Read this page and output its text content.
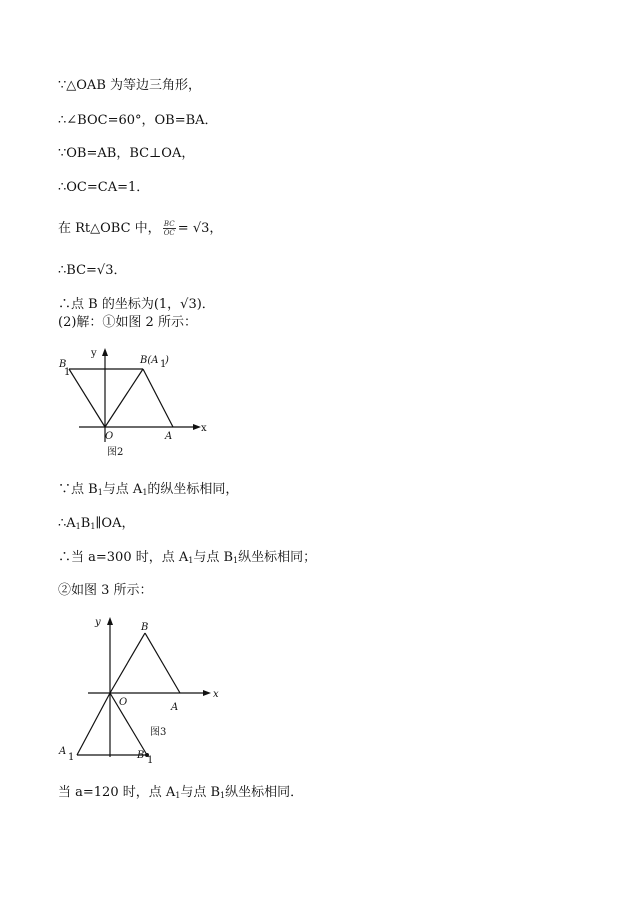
∵△OAB 为等边三角形，
∴∠BOC=60°，OB=BA．
∵OB=AB，BC⊥OA，
∴OC=CA=1．
在 Rt△OBC 中， $\frac{BC}{OC} = √3$，
∴BC=√3．
∴点 B 的坐标为(1，√3)．
(2)解：①如图 2 所示：
y
x
B
1
B(A 1
)
O	A
图2
∵点 $B_1$与点 $A_1$的纵坐标相同，
$\therefore A_1B_1\parallel OA$，
∴当 a=300 时，点 $A_1$与点 $B_1$纵坐标相同；
②如图 3 所示：
y
x
B
O	A
图3
A
1	B 1
当 a=120 时，点 $A_1$与点 $B_1$纵坐标相同．
